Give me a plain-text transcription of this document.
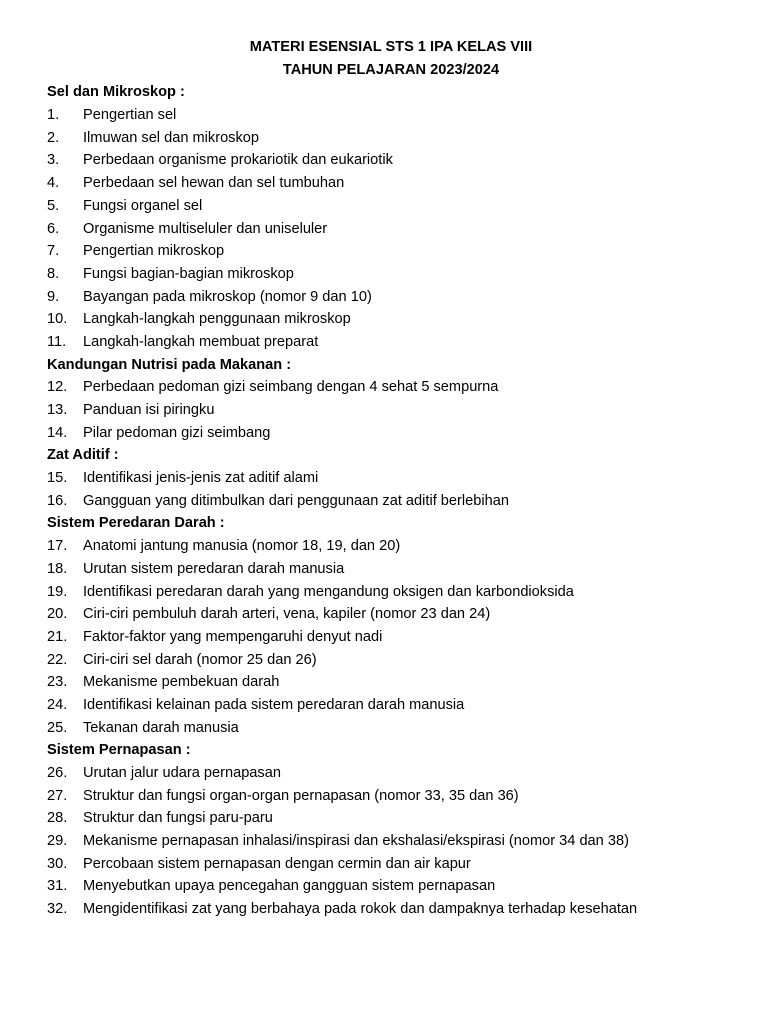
MATERI ESENSIAL STS 1 IPA KELAS VIII
TAHUN PELAJARAN 2023/2024
Sel dan Mikroskop :
1.	Pengertian sel
2.	Ilmuwan sel dan mikroskop
3.	Perbedaan organisme prokariotik dan eukariotik
4.	Perbedaan sel hewan dan sel tumbuhan
5.	Fungsi organel sel
6.	Organisme multiseluler dan uniseluler
7.	Pengertian mikroskop
8.	Fungsi bagian-bagian mikroskop
9.	Bayangan pada mikroskop (nomor 9 dan 10)
10.	Langkah-langkah penggunaan mikroskop
11.	Langkah-langkah membuat preparat
Kandungan Nutrisi pada Makanan :
12.	Perbedaan pedoman gizi seimbang dengan 4 sehat 5 sempurna
13.	Panduan isi piringku
14.	Pilar pedoman gizi seimbang
Zat Aditif :
15.	Identifikasi jenis-jenis zat aditif alami
16.	Gangguan yang ditimbulkan dari penggunaan zat aditif berlebihan
Sistem Peredaran Darah :
17.	Anatomi jantung manusia (nomor 18, 19, dan 20)
18.	Urutan sistem peredaran darah manusia
19.	Identifikasi peredaran darah yang mengandung oksigen dan karbondioksida
20.	Ciri-ciri pembuluh darah arteri, vena, kapiler (nomor 23 dan 24)
21.	Faktor-faktor yang mempengaruhi denyut nadi
22.	Ciri-ciri sel darah (nomor 25 dan 26)
23.	Mekanisme pembekuan darah
24.	Identifikasi kelainan pada sistem peredaran darah manusia
25.	Tekanan darah manusia
Sistem Pernapasan :
26.	Urutan jalur udara pernapasan
27.	Struktur dan fungsi organ-organ pernapasan (nomor 33, 35 dan 36)
28.	Struktur dan fungsi paru-paru
29.	Mekanisme pernapasan inhalasi/inspirasi dan ekshalasi/ekspirasi (nomor 34 dan 38)
30.	Percobaan sistem pernapasan dengan cermin dan air kapur
31.	Menyebutkan upaya pencegahan gangguan sistem pernapasan
32.	Mengidentifikasi zat yang berbahaya pada rokok dan dampaknya terhadap kesehatan
